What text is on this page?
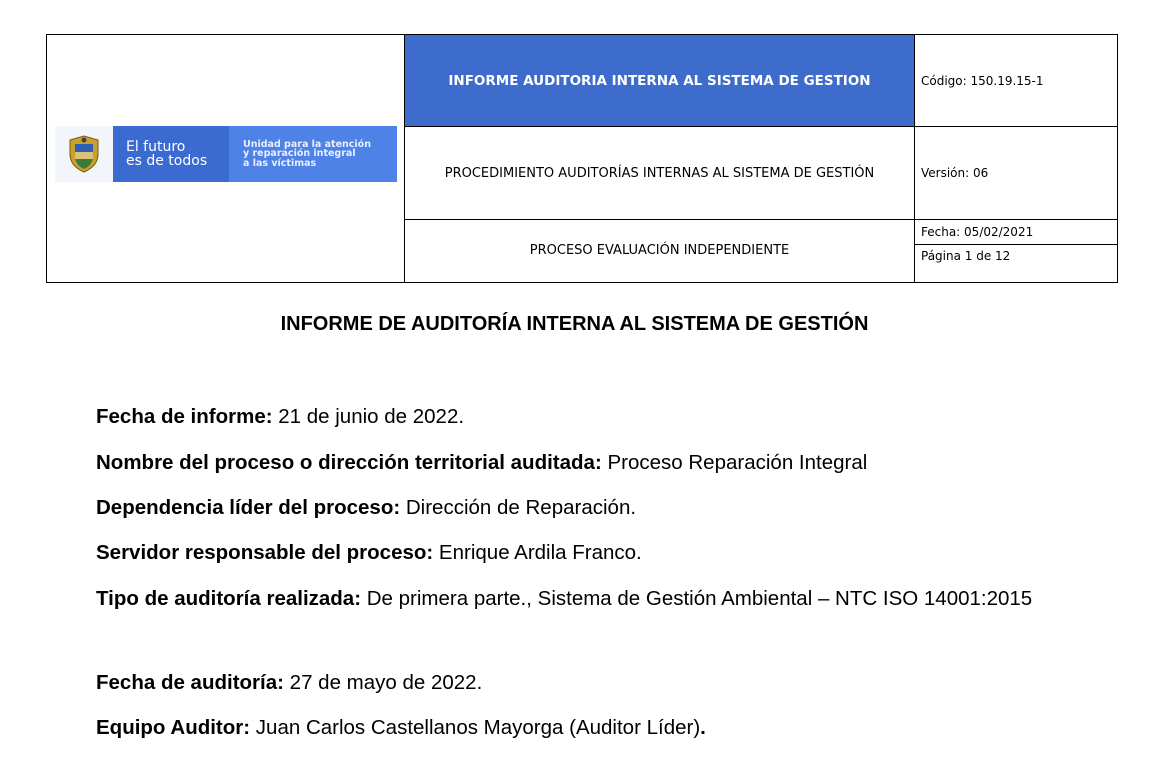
El futuro
es de todos
Unidad para la atención
y reparación integral
a las víctimas	INFORME AUDITORIA INTERNA AL SISTEMA DE GESTION	Código: 150.19.15-1
	PROCEDIMIENTO AUDITORÍAS INTERNAS AL SISTEMA DE GESTIÓN	Versión: 06
	PROCESO EVALUACIÓN INDEPENDIENTE	Fecha: 05/02/2021
		Página 1 de 12
INFORME DE AUDITORÍA INTERNA AL SISTEMA DE GESTIÓN
Fecha de informe: 21 de junio de 2022.
Nombre del proceso o dirección territorial auditada: Proceso Reparación Integral
Dependencia líder del proceso: Dirección de Reparación.
Servidor responsable del proceso: Enrique Ardila Franco.
Tipo de auditoría realizada: De primera parte., Sistema de Gestión Ambiental – NTC ISO 14001:2015
Fecha de auditoría: 27 de mayo de 2022.
Equipo Auditor: Juan Carlos Castellanos Mayorga (Auditor Líder).
